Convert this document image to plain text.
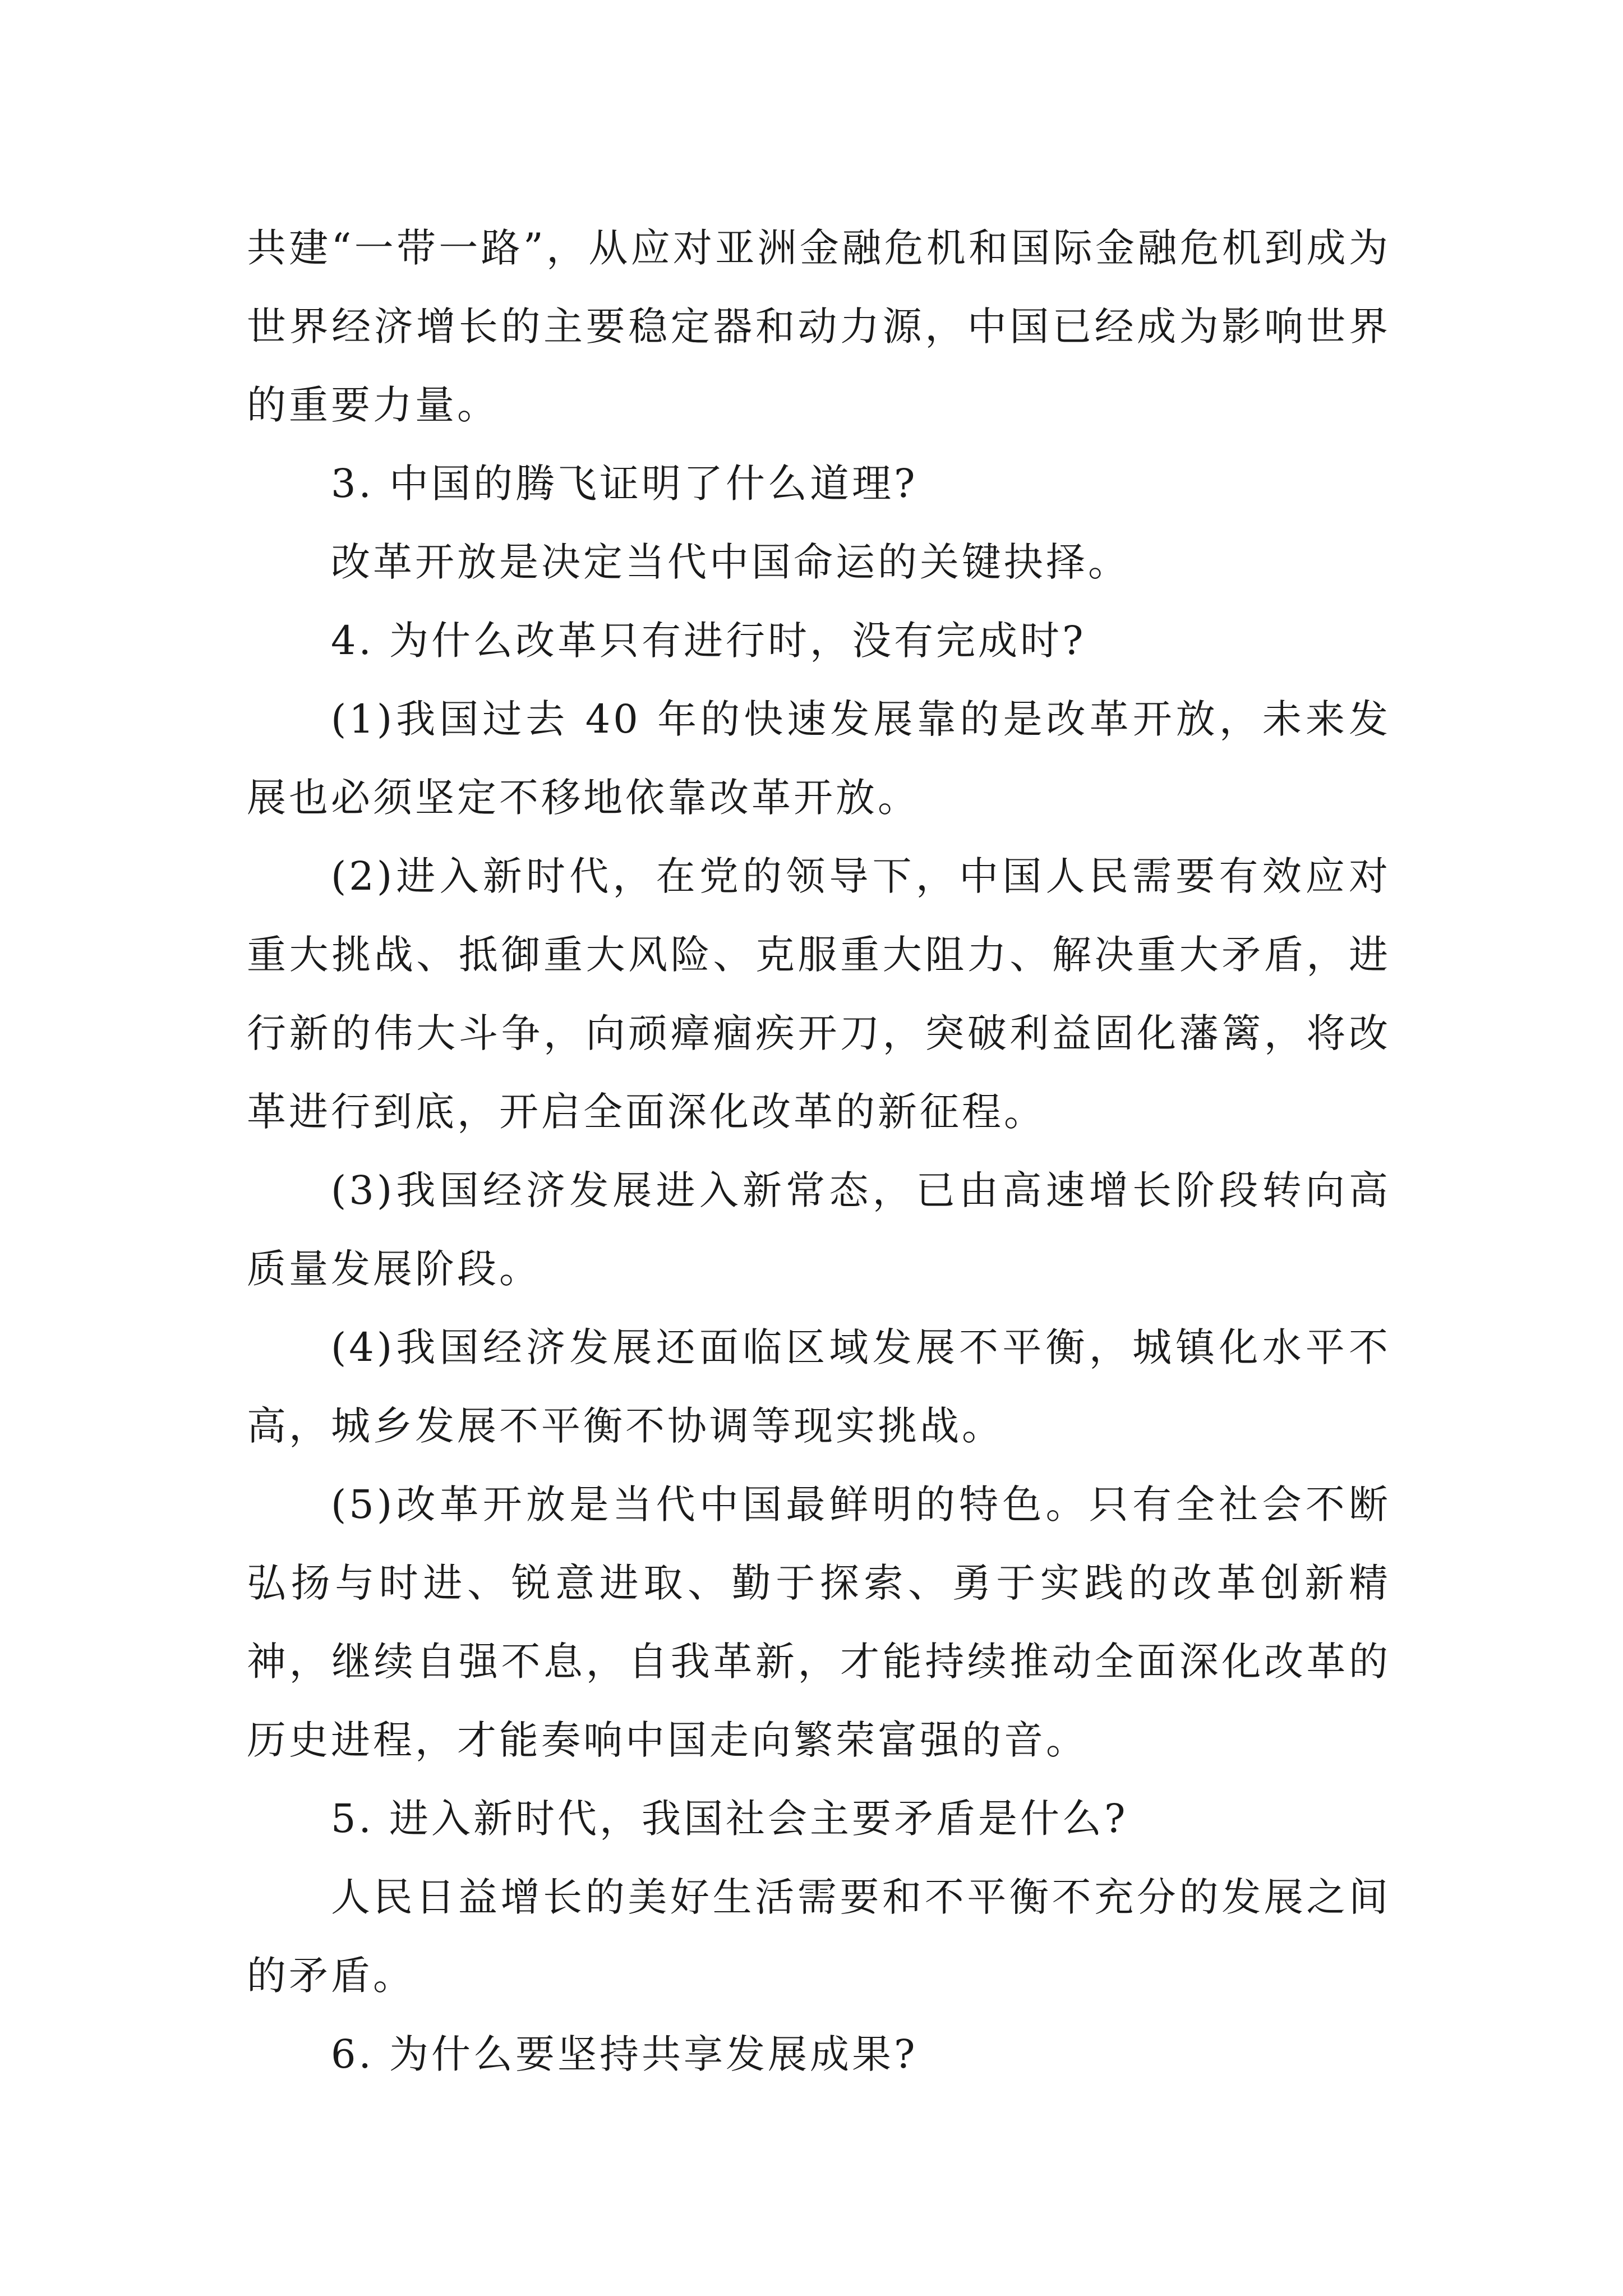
共建“一带一路”，从应对亚洲金融危机和国际金融危机到成为世界经济增长的主要稳定器和动力源，中国已经成为影响世界的重要力量。

3. 中国的腾飞证明了什么道理?

改革开放是决定当代中国命运的关键抉择。

4. 为什么改革只有进行时，没有完成时?

(1)我国过去 40 年的快速发展靠的是改革开放，未来发展也必须坚定不移地依靠改革开放。

(2)进入新时代，在党的领导下，中国人民需要有效应对重大挑战、抵御重大风险、克服重大阻力、解决重大矛盾，进行新的伟大斗争，向顽瘴痼疾开刀，突破利益固化藩篱，将改革进行到底，开启全面深化改革的新征程。

(3)我国经济发展进入新常态，已由高速增长阶段转向高质量发展阶段。

(4)我国经济发展还面临区域发展不平衡，城镇化水平不高，城乡发展不平衡不协调等现实挑战。

(5)改革开放是当代中国最鲜明的特色。只有全社会不断弘扬与时进、锐意进取、勤于探索、勇于实践的改革创新精神，继续自强不息，自我革新，才能持续推动全面深化改革的历史进程，才能奏响中国走向繁荣富强的音。

5. 进入新时代，我国社会主要矛盾是什么?

人民日益增长的美好生活需要和不平衡不充分的发展之间的矛盾。

6. 为什么要坚持共享发展成果?
